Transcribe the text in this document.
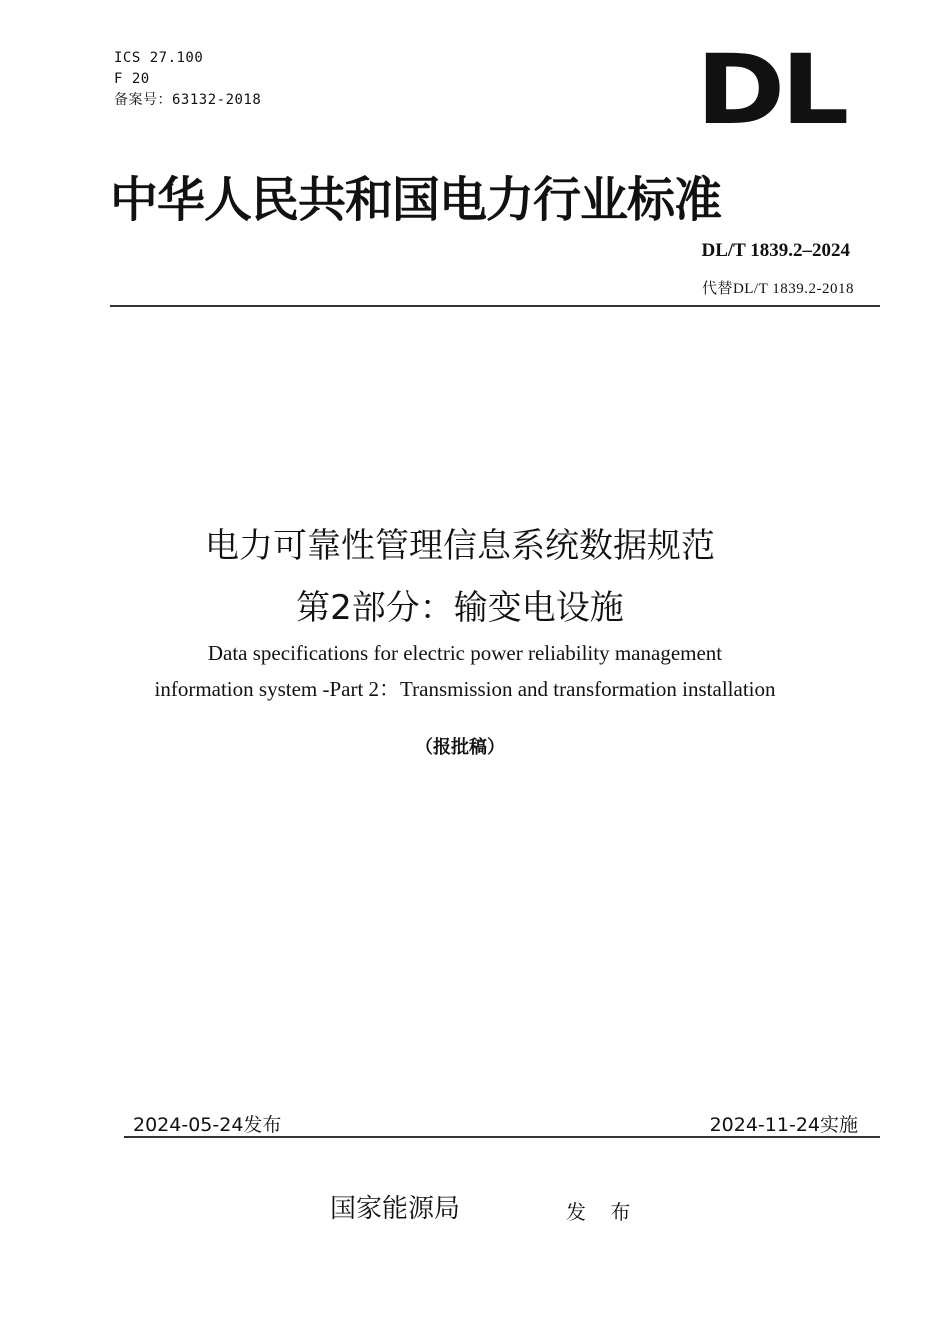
ICS 27.100
F 20
备案号：63132-2018	DL
中华人民共和国电力行业标准
DL/T 1839.2–2024
代替DL/T 1839.2-2018
电力可靠性管理信息系统数据规范
第2部分：输变电设施
Data specifications for electric power reliability management
information system -Part 2：Transmission and transformation installation
（报批稿）
2024-05-24发布	2024-11-24实施
国家能源局	发 布
